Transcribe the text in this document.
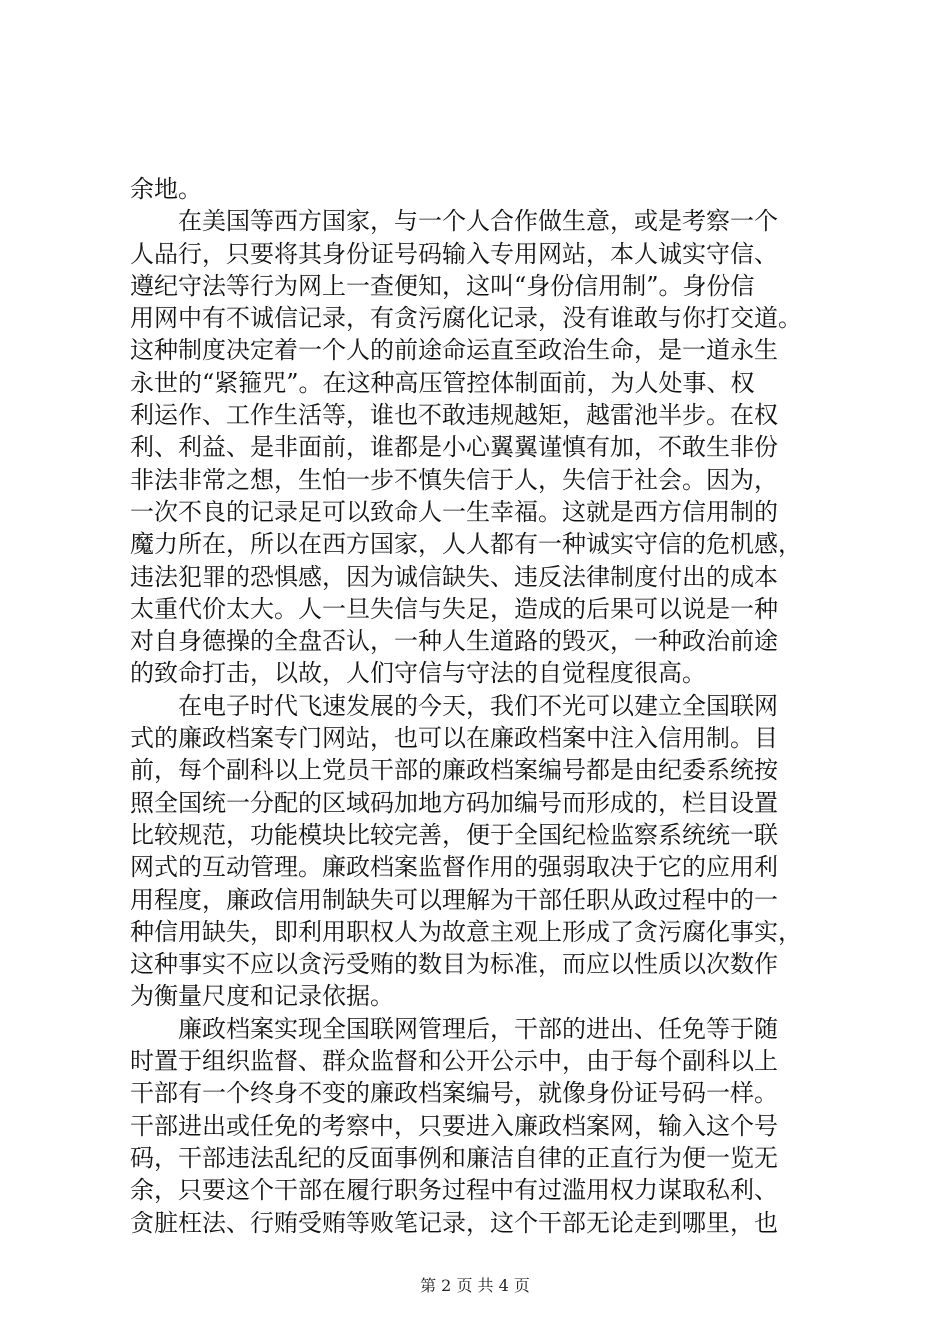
余地。
在美国等西方国家，与一个人合作做生意，或是考察一个
人品行，只要将其身份证号码输入专用网站，本人诚实守信、
遵纪守法等行为网上一查便知，这叫“身份信用制”。身份信
用网中有不诚信记录，有贪污腐化记录，没有谁敢与你打交道。
这种制度决定着一个人的前途命运直至政治生命，是一道永生
永世的“紧箍咒”。在这种高压管控体制面前，为人处事、权
利运作、工作生活等，谁也不敢违规越矩，越雷池半步。在权
利、利益、是非面前，谁都是小心翼翼谨慎有加，不敢生非份
非法非常之想，生怕一步不慎失信于人，失信于社会。因为，
一次不良的记录足可以致命人一生幸福。这就是西方信用制的
魔力所在，所以在西方国家，人人都有一种诚实守信的危机感，
违法犯罪的恐惧感，因为诚信缺失、违反法律制度付出的成本
太重代价太大。人一旦失信与失足，造成的后果可以说是一种
对自身德操的全盘否认，一种人生道路的毁灭，一种政治前途
的致命打击，以故，人们守信与守法的自觉程度很高。
在电子时代飞速发展的今天，我们不光可以建立全国联网
式的廉政档案专门网站，也可以在廉政档案中注入信用制。目
前，每个副科以上党员干部的廉政档案编号都是由纪委系统按
照全国统一分配的区域码加地方码加编号而形成的，栏目设置
比较规范，功能模块比较完善，便于全国纪检监察系统统一联
网式的互动管理。廉政档案监督作用的强弱取决于它的应用利
用程度，廉政信用制缺失可以理解为干部任职从政过程中的一
种信用缺失，即利用职权人为故意主观上形成了贪污腐化事实，
这种事实不应以贪污受贿的数目为标准，而应以性质以次数作
为衡量尺度和记录依据。
廉政档案实现全国联网管理后，干部的进出、任免等于随
时置于组织监督、群众监督和公开公示中，由于每个副科以上
干部有一个终身不变的廉政档案编号，就像身份证号码一样。
干部进出或任免的考察中，只要进入廉政档案网，输入这个号
码，干部违法乱纪的反面事例和廉洁自律的正直行为便一览无
余，只要这个干部在履行职务过程中有过滥用权力谋取私利、
贪脏枉法、行贿受贿等败笔记录，这个干部无论走到哪里，也
第 2 页 共 4 页
